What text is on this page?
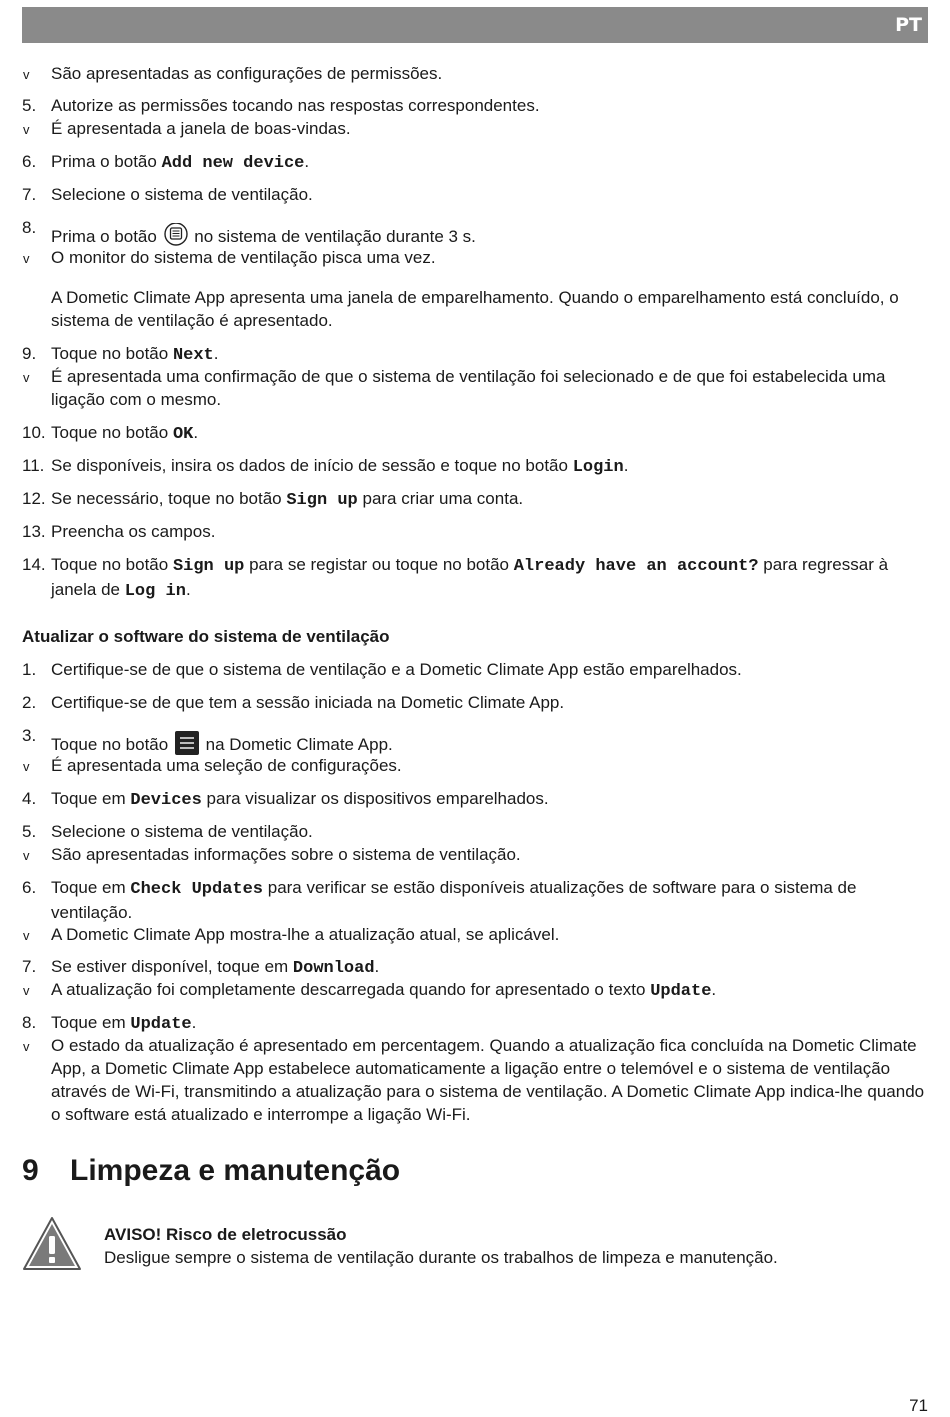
PT
v São apresentadas as configurações de permissões.
5. Autorize as permissões tocando nas respostas correspondentes.
v É apresentada a janela de boas-vindas.
6. Prima o botão Add new device.
7. Selecione o sistema de ventilação.
8. Prima o botão  no sistema de ventilação durante 3 s.
v O monitor do sistema de ventilação pisca uma vez.
A Dometic Climate App apresenta uma janela de emparelhamento. Quando o emparelhamento está concluído, o sistema de ventilação é apresentado.
9. Toque no botão Next.
v É apresentada uma confirmação de que o sistema de ventilação foi selecionado e de que foi estabelecida uma ligação com o mesmo.
10. Toque no botão OK.
11. Se disponíveis, insira os dados de início de sessão e toque no botão Login.
12. Se necessário, toque no botão Sign up para criar uma conta.
13. Preencha os campos.
14. Toque no botão Sign up para se registar ou toque no botão Already have an account? para regressar à janela de Log in.
Atualizar o software do sistema de ventilação
1. Certifique-se de que o sistema de ventilação e a Dometic Climate App estão emparelhados.
2. Certifique-se de que tem a sessão iniciada na Dometic Climate App.
3. Toque no botão  na Dometic Climate App.
v É apresentada uma seleção de configurações.
4. Toque em Devices para visualizar os dispositivos emparelhados.
5. Selecione o sistema de ventilação.
v São apresentadas informações sobre o sistema de ventilação.
6. Toque em Check Updates para verificar se estão disponíveis atualizações de software para o sistema de ventilação.
v A Dometic Climate App mostra-lhe a atualização atual, se aplicável.
7. Se estiver disponível, toque em Download.
v A atualização foi completamente descarregada quando for apresentado o texto Update.
8. Toque em Update.
v O estado da atualização é apresentado em percentagem. Quando a atualização fica concluída na Dometic Climate App, a Dometic Climate App estabelece automaticamente a ligação entre o telemóvel e o sistema de ventilação através de Wi-Fi, transmitindo a atualização para o sistema de ventilação. A Dometic Climate App indica-lhe quando o software está atualizado e interrompe a ligação Wi-Fi.
9 Limpeza e manutenção
AVISO! Risco de eletrocussão
Desligue sempre o sistema de ventilação durante os trabalhos de limpeza e manutenção.
71
